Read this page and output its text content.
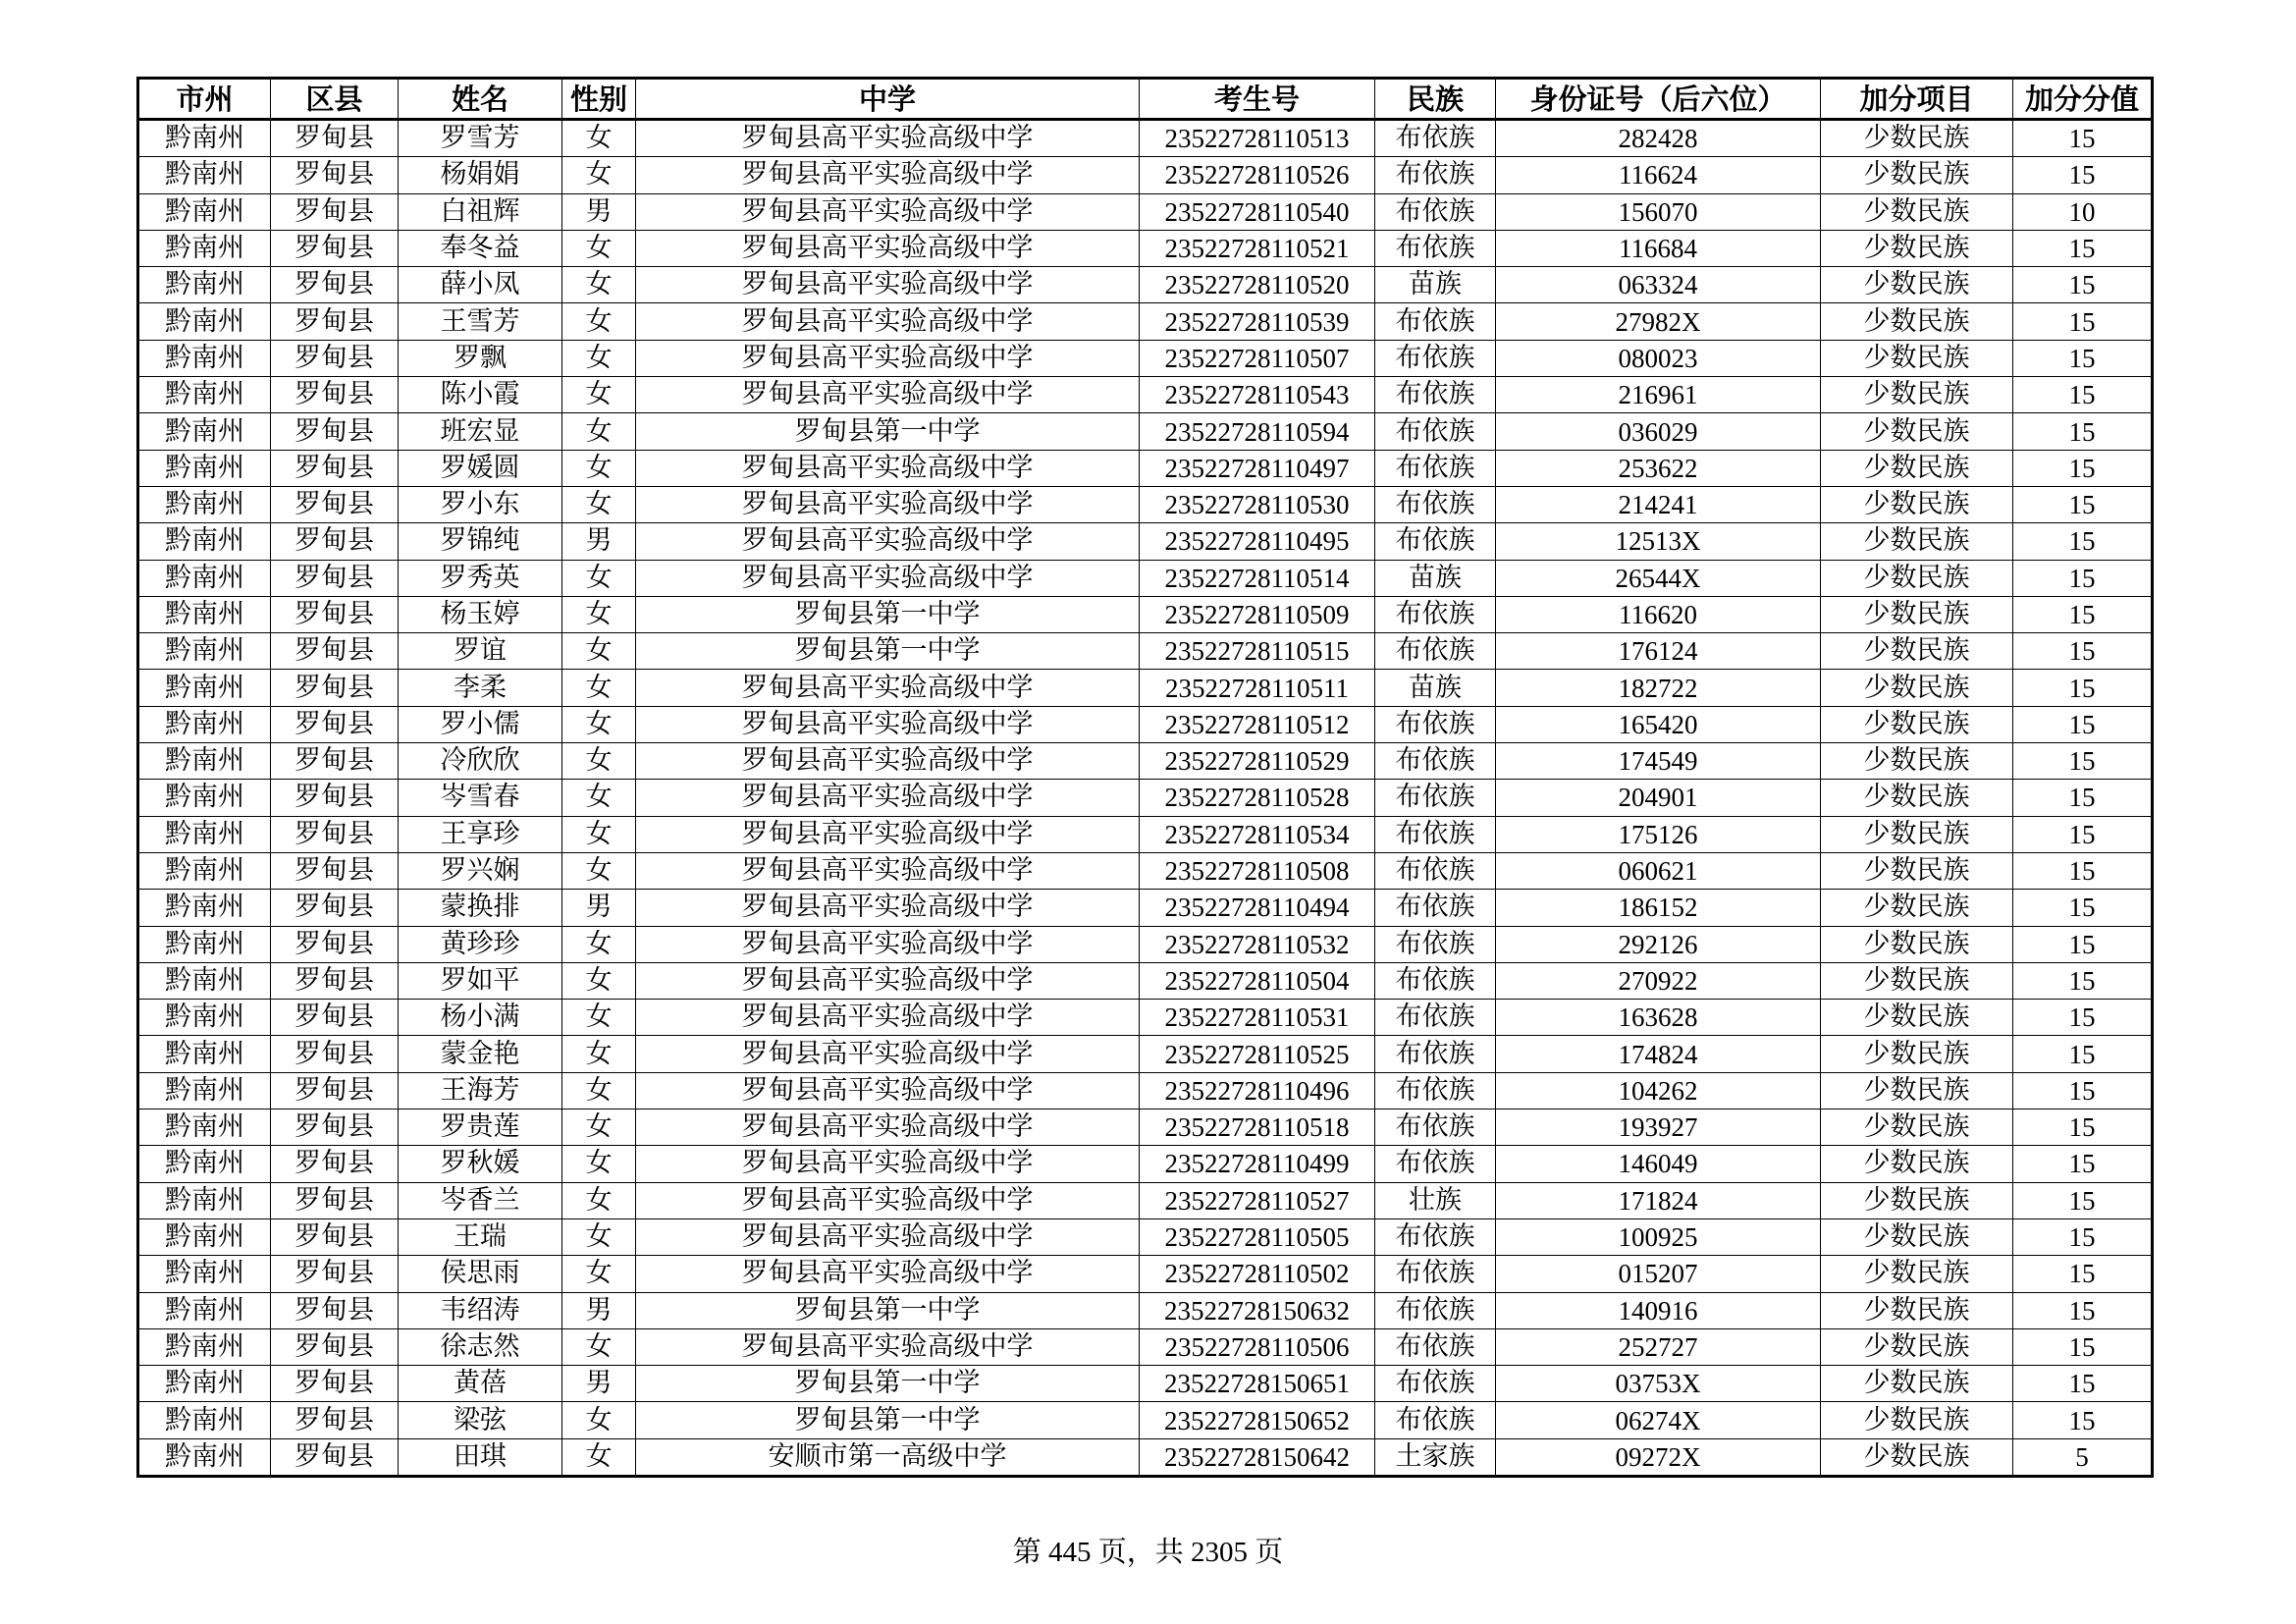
市州	区县	姓名	性别	中学	考生号	民族	身份证号（后六位）	加分项目	加分分值
黔南州	罗甸县	罗雪芳	女	罗甸县高平实验高级中学	23522728110513	布依族	282428	少数民族	15
黔南州	罗甸县	杨娟娟	女	罗甸县高平实验高级中学	23522728110526	布依族	116624	少数民族	15
黔南州	罗甸县	白祖辉	男	罗甸县高平实验高级中学	23522728110540	布依族	156070	少数民族	10
黔南州	罗甸县	奉冬益	女	罗甸县高平实验高级中学	23522728110521	布依族	116684	少数民族	15
黔南州	罗甸县	薛小凤	女	罗甸县高平实验高级中学	23522728110520	苗族	063324	少数民族	15
黔南州	罗甸县	王雪芳	女	罗甸县高平实验高级中学	23522728110539	布依族	27982X	少数民族	15
黔南州	罗甸县	罗飘	女	罗甸县高平实验高级中学	23522728110507	布依族	080023	少数民族	15
黔南州	罗甸县	陈小霞	女	罗甸县高平实验高级中学	23522728110543	布依族	216961	少数民族	15
黔南州	罗甸县	班宏显	女	罗甸县第一中学	23522728110594	布依族	036029	少数民族	15
黔南州	罗甸县	罗媛圆	女	罗甸县高平实验高级中学	23522728110497	布依族	253622	少数民族	15
黔南州	罗甸县	罗小东	女	罗甸县高平实验高级中学	23522728110530	布依族	214241	少数民族	15
黔南州	罗甸县	罗锦纯	男	罗甸县高平实验高级中学	23522728110495	布依族	12513X	少数民族	15
黔南州	罗甸县	罗秀英	女	罗甸县高平实验高级中学	23522728110514	苗族	26544X	少数民族	15
黔南州	罗甸县	杨玉婷	女	罗甸县第一中学	23522728110509	布依族	116620	少数民族	15
黔南州	罗甸县	罗谊	女	罗甸县第一中学	23522728110515	布依族	176124	少数民族	15
黔南州	罗甸县	李柔	女	罗甸县高平实验高级中学	23522728110511	苗族	182722	少数民族	15
黔南州	罗甸县	罗小儒	女	罗甸县高平实验高级中学	23522728110512	布依族	165420	少数民族	15
黔南州	罗甸县	冷欣欣	女	罗甸县高平实验高级中学	23522728110529	布依族	174549	少数民族	15
黔南州	罗甸县	岑雪春	女	罗甸县高平实验高级中学	23522728110528	布依族	204901	少数民族	15
黔南州	罗甸县	王享珍	女	罗甸县高平实验高级中学	23522728110534	布依族	175126	少数民族	15
黔南州	罗甸县	罗兴娴	女	罗甸县高平实验高级中学	23522728110508	布依族	060621	少数民族	15
黔南州	罗甸县	蒙换排	男	罗甸县高平实验高级中学	23522728110494	布依族	186152	少数民族	15
黔南州	罗甸县	黄珍珍	女	罗甸县高平实验高级中学	23522728110532	布依族	292126	少数民族	15
黔南州	罗甸县	罗如平	女	罗甸县高平实验高级中学	23522728110504	布依族	270922	少数民族	15
黔南州	罗甸县	杨小满	女	罗甸县高平实验高级中学	23522728110531	布依族	163628	少数民族	15
黔南州	罗甸县	蒙金艳	女	罗甸县高平实验高级中学	23522728110525	布依族	174824	少数民族	15
黔南州	罗甸县	王海芳	女	罗甸县高平实验高级中学	23522728110496	布依族	104262	少数民族	15
黔南州	罗甸县	罗贵莲	女	罗甸县高平实验高级中学	23522728110518	布依族	193927	少数民族	15
黔南州	罗甸县	罗秋媛	女	罗甸县高平实验高级中学	23522728110499	布依族	146049	少数民族	15
黔南州	罗甸县	岑香兰	女	罗甸县高平实验高级中学	23522728110527	壮族	171824	少数民族	15
黔南州	罗甸县	王瑞	女	罗甸县高平实验高级中学	23522728110505	布依族	100925	少数民族	15
黔南州	罗甸县	侯思雨	女	罗甸县高平实验高级中学	23522728110502	布依族	015207	少数民族	15
黔南州	罗甸县	韦绍涛	男	罗甸县第一中学	23522728150632	布依族	140916	少数民族	15
黔南州	罗甸县	徐志然	女	罗甸县高平实验高级中学	23522728110506	布依族	252727	少数民族	15
黔南州	罗甸县	黄蓓	男	罗甸县第一中学	23522728150651	布依族	03753X	少数民族	15
黔南州	罗甸县	梁弦	女	罗甸县第一中学	23522728150652	布依族	06274X	少数民族	15
黔南州	罗甸县	田琪	女	安顺市第一高级中学	23522728150642	土家族	09272X	少数民族	5
第 445 页，共 2305 页
